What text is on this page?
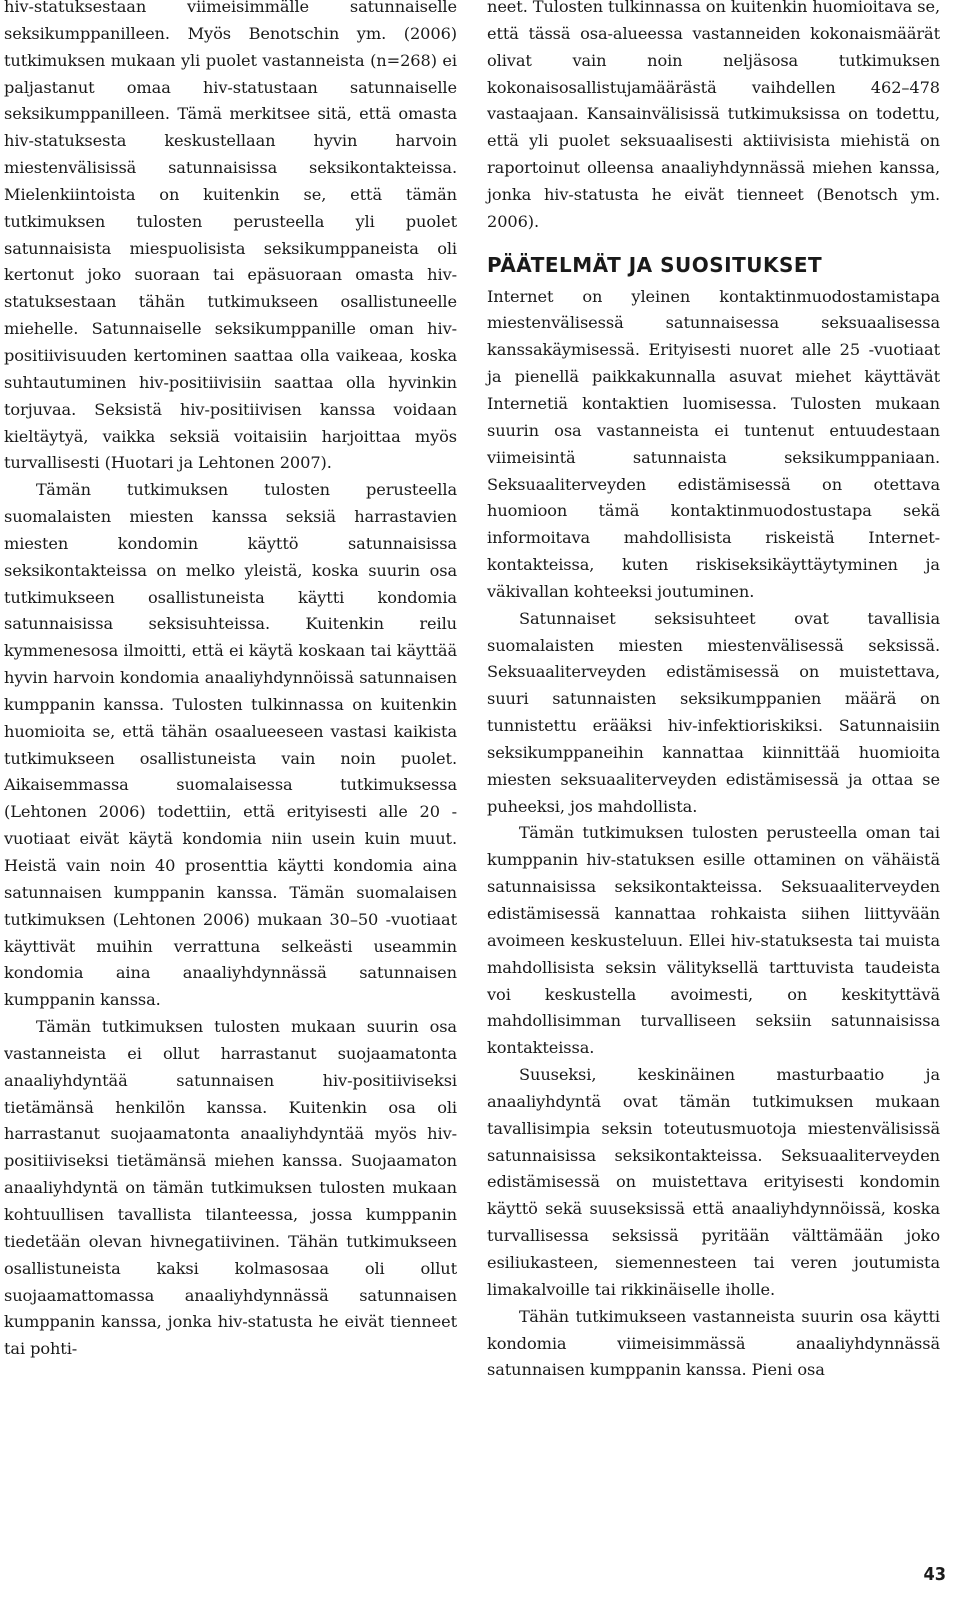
hiv-statuksestaan viimeisimmälle satunnaiselle seksikumppanilleen. Myös Benotschin ym. (2006) tutkimuksen mukaan yli puolet vastanneista (n=268) ei paljastanut omaa hiv-statustaan satunnaiselle seksikumppanilleen. Tämä merkitsee sitä, että omasta hiv-statuksesta keskustellaan hyvin harvoin miestenvälisissä satunnaisissa seksikontakteissa. Mielenkiintoista on kuitenkin se, että tämän tutkimuksen tulosten perusteella yli puolet satunnaisista miespuolisista seksikumppaneista oli kertonut joko suoraan tai epäsuoraan omasta hiv-statuksestaan tähän tutkimukseen osallistuneelle miehelle. Satunnaiselle seksikumppanille oman hiv-positiivisuuden kertominen saattaa olla vaikeaa, koska suhtautuminen hiv-positiivisiin saattaa olla hyvinkin torjuvaa. Seksistä hiv-positiivisen kanssa voidaan kieltäytyä, vaikka seksiä voitaisiin harjoittaa myös turvallisesti (Huotari ja Lehtonen 2007).

Tämän tutkimuksen tulosten perusteella suomalaisten miesten kanssa seksiä harrastavien miesten kondomin käyttö satunnaisissa seksikontakteissa on melko yleistä, koska suurin osa tutkimukseen osallistuneista käytti kondomia satunnaisissa seksisuhteissa. Kuitenkin reilu kymmenesosa ilmoitti, että ei käytä koskaan tai käyttää hyvin harvoin kondomia anaaliyhdynnöissä satunnaisen kumppanin kanssa. Tulosten tulkinnassa on kuitenkin huomioita se, että tähän osaalueeseen vastasi kaikista tutkimukseen osallistuneista vain noin puolet. Aikaisemmassa suomalaisessa tutkimuksessa (Lehtonen 2006) todettiin, että erityisesti alle 20 -vuotiaat eivät käytä kondomia niin usein kuin muut. Heistä vain noin 40 prosenttia käytti kondomia aina satunnaisen kumppanin kanssa. Tämän suomalaisen tutkimuksen (Lehtonen 2006) mukaan 30–50 -vuotiaat käyttivät muihin verrattuna selkeästi useammin kondomia aina anaaliyhdynnässä satunnaisen kumppanin kanssa.

Tämän tutkimuksen tulosten mukaan suurin osa vastanneista ei ollut harrastanut suojaamatonta anaaliyhdyntää satunnaisen hiv-positiiviseksi tietämänsä henkilön kanssa. Kuitenkin osa oli harrastanut suojaamatonta anaaliyhdyntää myös hiv-positiiviseksi tietämänsä miehen kanssa. Suojaamaton anaaliyhdyntä on tämän tutkimuksen tulosten mukaan kohtuullisen tavallista tilanteessa, jossa kumppanin tiedetään olevan hivnegatiivinen. Tähän tutkimukseen osallistuneista kaksi kolmasosaa oli ollut suojaamattomassa anaaliyhdynnässä satunnaisen kumppanin kanssa, jonka hiv-statusta he eivät tienneet tai pohti-

neet. Tulosten tulkinnassa on kuitenkin huomioitava se, että tässä osa-alueessa vastanneiden kokonaismäärät olivat vain noin neljäsosa tutkimuksen kokonaisosallistujamäärästä vaihdellen 462–478 vastaajaan. Kansainvälisissä tutkimuksissa on todettu, että yli puolet seksuaalisesti aktiivisista miehistä on raportoinut olleensa anaaliyhdynnässä miehen kanssa, jonka hiv-statusta he eivät tienneet (Benotsch ym. 2006).

PÄÄTELMÄT JA SUOSITUKSET

Internet on yleinen kontaktinmuodostamistapa miestenvälisessä satunnaisessa seksuaalisessa kanssakäymisessä. Erityisesti nuoret alle 25 -vuotiaat ja pienellä paikkakunnalla asuvat miehet käyttävät Internetiä kontaktien luomisessa. Tulosten mukaan suurin osa vastanneista ei tuntenut entuudestaan viimeisintä satunnaista seksikumppaniaan. Seksuaaliterveyden edistämisessä on otettava huomioon tämä kontaktinmuodostustapa sekä informoitava mahdollisista riskeistä Internet-kontakteissa, kuten riskiseksikäyttäytyminen ja väkivallan kohteeksi joutuminen.

Satunnaiset seksisuhteet ovat tavallisia suomalaisten miesten miestenvälisessä seksissä. Seksuaaliterveyden edistämisessä on muistettava, suuri satunnaisten seksikumppanien määrä on tunnistettu erääksi hiv-infektioriskiksi. Satunnaisiin seksikumppaneihin kannattaa kiinnittää huomioita miesten seksuaaliterveyden edistämisessä ja ottaa se puheeksi, jos mahdollista.

Tämän tutkimuksen tulosten perusteella oman tai kumppanin hiv-statuksen esille ottaminen on vähäistä satunnaisissa seksikontakteissa. Seksuaaliterveyden edistämisessä kannattaa rohkaista siihen liittyvään avoimeen keskusteluun. Ellei hiv-statuksesta tai muista mahdollisista seksin välityksellä tarttuvista taudeista voi keskustella avoimesti, on keskityttävä mahdollisimman turvalliseen seksiin satunnaisissa kontakteissa.

Suuseksi, keskinäinen masturbaatio ja anaaliyhdyntä ovat tämän tutkimuksen mukaan tavallisimpia seksin toteutusmuotoja miestenvälisissä satunnaisissa seksikontakteissa. Seksuaaliterveyden edistämisessä on muistettava erityisesti kondomin käyttö sekä suuseksissä että anaaliyhdynnöissä, koska turvallisessa seksissä pyritään välttämään joko esiliukasteen, siemennesteen tai veren joutumista limakalvoille tai rikkinäiselle iholle.

Tähän tutkimukseen vastanneista suurin osa käytti kondomia viimeisimmässä anaaliyhdynnässä satunnaisen kumppanin kanssa. Pieni osa

43
